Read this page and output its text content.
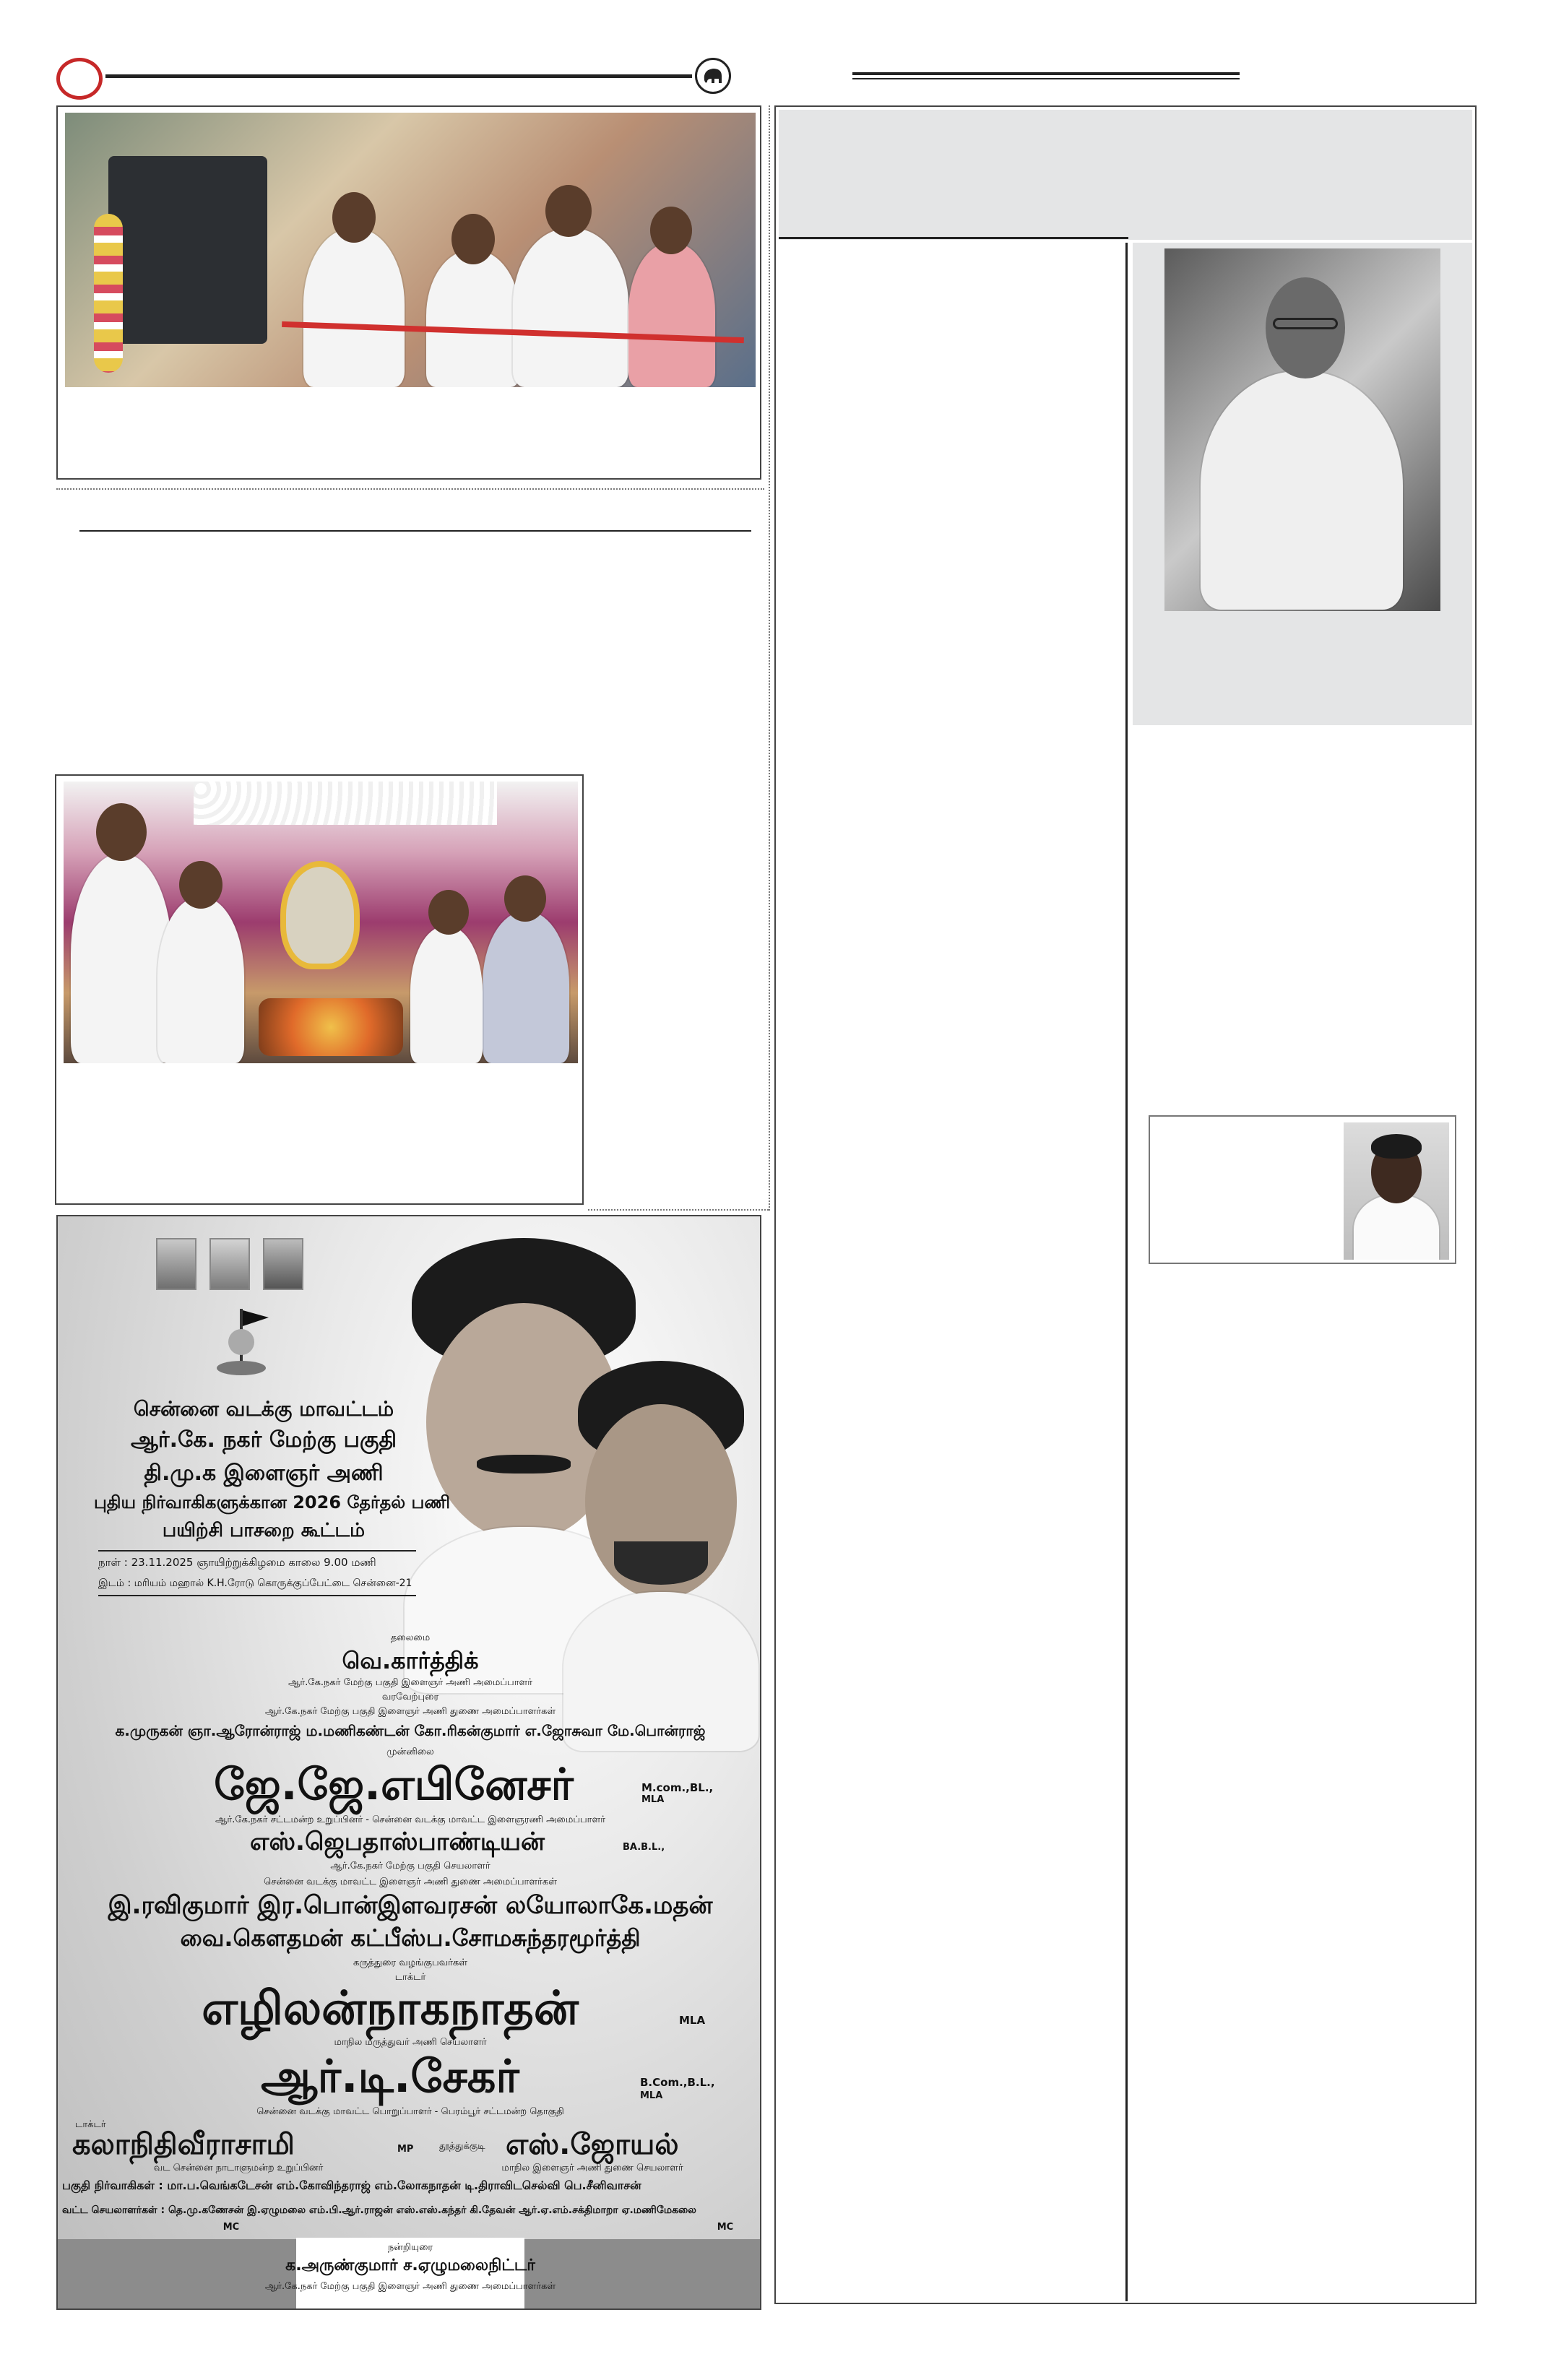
சென்னை வடக்கு மாவட்டம்
ஆர்.கே. நகர் மேற்கு பகுதி
தி.மு.க இளைஞர் அணி
புதிய நிர்வாகிகளுக்கான 2026 தேர்தல் பணி
பயிற்சி பாசறை கூட்டம்
நாள் : 23.11.2025 ஞாயிற்றுக்கிழமை காலை 9.00 மணி
இடம் : மரியம் மஹால் K.H.ரோடு கொருக்குப்பேட்டை சென்னை-21
தலைமை
வெ.கார்த்திக்
ஆர்.கே.நகர் மேற்கு பகுதி இளைஞர் அணி அமைப்பாளர்
வரவேற்புரை
ஆர்.கே.நகர் மேற்கு பகுதி இளைஞர் அணி துணை அமைப்பாளர்கள்
க.முருகன் ஞா.ஆரோன்ராஜ் ம.மணிகண்டன் கோ.ரிகன்குமார் எ.ஜோசுவா மே.பொன்ராஜ்
முன்னிலை
ஜே.ஜே.எபினேசர்	M.com.,BL.,
MLA
ஆர்.கே.நகர் சட்டமன்ற உறுப்பினர் - சென்னை வடக்கு மாவட்ட இளைஞரணி அமைப்பாளர்
எஸ்.ஜெபதாஸ்பாண்டியன்	BA.B.L.,
ஆர்.கே.நகர் மேற்கு பகுதி செயலாளர்
சென்னை வடக்கு மாவட்ட இளைஞர் அணி துணை அமைப்பாளர்கள்
இ.ரவிகுமார் இர.பொன்இளவரசன் லயோலாகே.மதன்
வை.கௌதமன் கட்பீஸ்ப.சோமசுந்தரமூர்த்தி
கருத்துரை வழங்குபவர்கள்
டாக்டர்
எழிலன்நாகநாதன்	MLA
மாநில மருத்துவர் அணி செயலாளர்
ஆர்.டி.சேகர்	B.Com.,B.L.,
MLA
சென்னை வடக்கு மாவட்ட பொறுப்பாளர் - பெரம்பூர் சட்டமன்ற தொகுதி
டாக்டர்
கலாநிதிவீராசாமி	MP	தூத்துக்குடி எஸ்.ஜோயல்
வட சென்னை நாடாளுமன்ற உறுப்பினர்	மாநில இளைஞர் அணி துணை செயலாளர்
பகுதி நிர்வாகிகள் : மா.ப.வெங்கடேசன் எம்.கோவிந்தராஜ் எம்.லோகநாதன் டி.திராவிடசெல்வி பெ.சீனிவாசன்
வட்ட செயலாளர்கள் : தெ.மு.கணேசன் இ.ஏழுமலை எம்.பி.ஆர்.ராஜன் எஸ்.எஸ்.கந்தர் கி.தேவன் ஆர்.ஏ.எம்.சக்திமாறா ஏ.மணிமேகலை
MC	MC
நன்றியுரை
க.அருண்குமார் ச.ஏழுமலைநிட்டர்
ஆர்.கே.நகர் மேற்கு பகுதி இளைஞர் அணி துணை அமைப்பாளர்கள்
